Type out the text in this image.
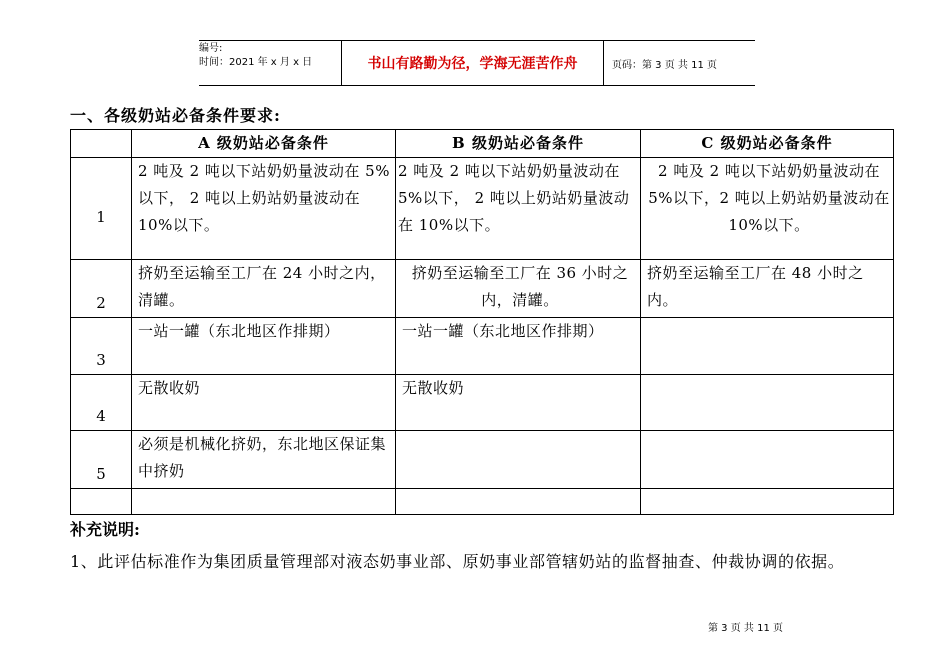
编号:
时间：2021 年 x 月 x 日	书山有路勤为径，学海无涯苦作舟	页码：第 3 页 共 11 页
一、各级奶站必备条件要求:
	A 级奶站必备条件	B 级奶站必备条件	C 级奶站必备条件
1	2 吨及 2 吨以下站奶奶量波动在 5%以下， 2 吨以上奶站奶量波动在 10%以下。	2 吨及 2 吨以下站奶奶量波动在 5%以下， 2 吨以上奶站奶量波动在 10%以下。	2 吨及 2 吨以下站奶奶量波动在 5%以下，2 吨以上奶站奶量波动在 10%以下。
2	挤奶至运输至工厂在 24 小时之内，清罐。	挤奶至运输至工厂在 36 小时之内，清罐。	挤奶至运输至工厂在 48 小时之内。
3	一站一罐（东北地区作排期）	一站一罐（东北地区作排期）	
4	无散收奶	无散收奶	
5	必须是机械化挤奶，东北地区保证集中挤奶		

补充说明:
1、此评估标准作为集团质量管理部对液态奶事业部、原奶事业部管辖奶站的监督抽查、仲裁协调的依据。
第 3 页 共 11 页
